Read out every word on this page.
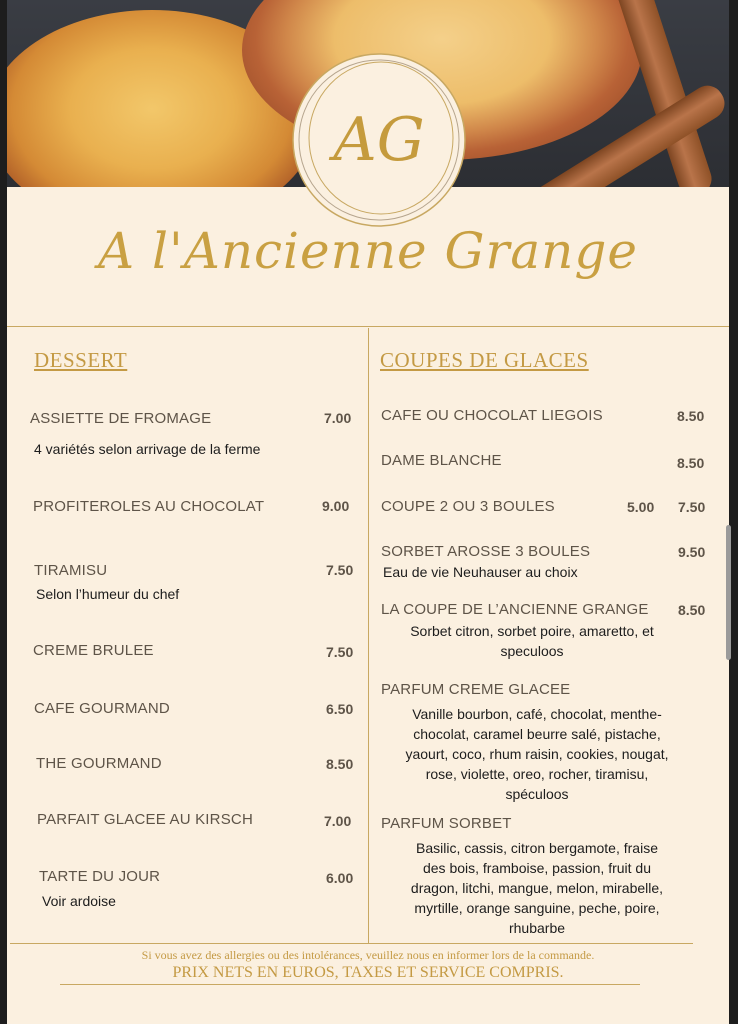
AG
A l'Ancienne Grange
DESSERT
ASSIETTE DE FROMAGE	7.00
4 variétés selon arrivage de la ferme
PROFITEROLES AU CHOCOLAT	9.00
TIRAMISU	7.50
Selon l’humeur du chef
CREME BRULEE	7.50
CAFE GOURMAND	6.50
THE GOURMAND	8.50
PARFAIT GLACEE AU KIRSCH	7.00
TARTE DU JOUR	6.00
Voir ardoise
COUPES DE GLACES
CAFE OU CHOCOLAT LIEGOIS	8.50
DAME BLANCHE	8.50
COUPE 2 OU 3 BOULES	5.00 7.50
SORBET AROSSE 3 BOULES	9.50
Eau de vie Neuhauser au choix
LA COUPE DE L’ANCIENNE GRANGE 8.50
Sorbet citron, sorbet poire, amaretto, et
speculoos
PARFUM CREME GLACEE
Vanille bourbon, café, chocolat, menthe-
chocolat, caramel beurre salé, pistache,
yaourt, coco, rhum raisin, cookies, nougat,
rose, violette, oreo, rocher, tiramisu,
spéculoos
PARFUM SORBET
Basilic, cassis, citron bergamote, fraise
des bois, framboise, passion, fruit du
dragon, litchi, mangue, melon, mirabelle,
myrtille, orange sanguine, peche, poire,
rhubarbe
Si vous avez des allergies ou des intolérances, veuillez nous en informer lors de la commande.
PRIX NETS EN EUROS, TAXES ET SERVICE COMPRIS.
